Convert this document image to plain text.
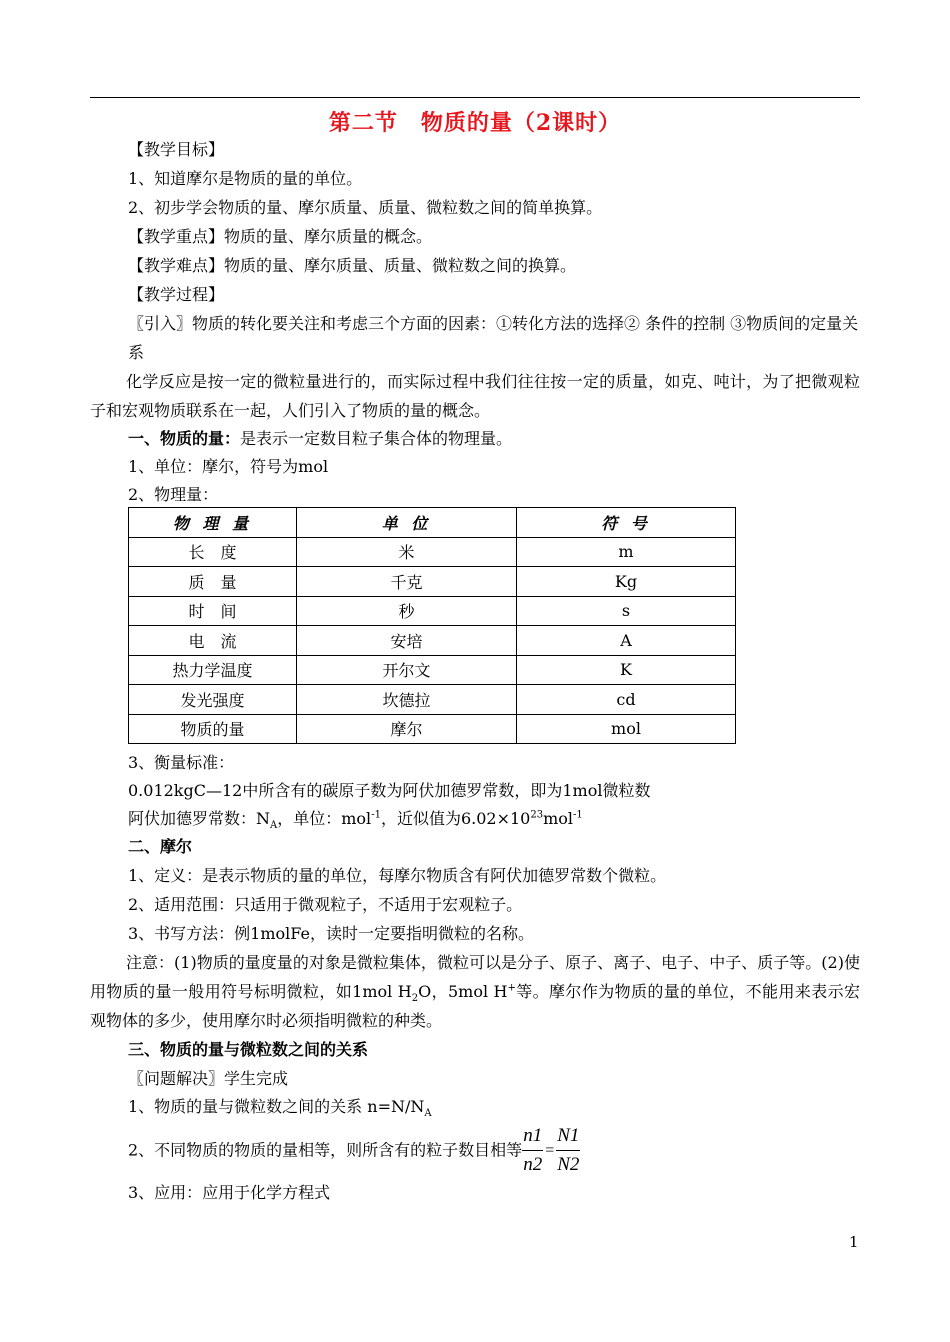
第二节　物质的量（2课时）
【教学目标】
1、知道摩尔是物质的量的单位。
2、初步学会物质的量、摩尔质量、质量、微粒数之间的简单换算。
【教学重点】物质的量、摩尔质量的概念。
【教学难点】物质的量、摩尔质量、质量、微粒数之间的换算。
【教学过程】
〖引入〗物质的转化要关注和考虑三个方面的因素：①转化方法的选择② 条件的控制 ③物质间的定量关系
化学反应是按一定的微粒量进行的，而实际过程中我们往往按一定的质量，如克、吨计，为了把微观粒子和宏观物质联系在一起，人们引入了物质的量的概念。
一、物质的量：是表示一定数目粒子集合体的物理量。
1、单位：摩尔，符号为mol
2、物理量：
物 理 量	单 位	符 号
长　度	米	m
质　量	千克	Kg
时　间	秒	s
电　流	安培	A
热力学温度	开尔文	K
发光强度	坎德拉	cd
物质的量	摩尔	mol
3、衡量标准：
0.012kgC—12中所含有的碳原子数为阿伏加德罗常数，即为1mol微粒数
阿伏加德罗常数：$N_A$，单位：mol$^{-1}$，近似值为$6.02\times 10^{23}mol^{-1}$
二、摩尔
1、定义：是表示物质的量的单位，每摩尔物质含有阿伏加德罗常数个微粒。
2、适用范围：只适用于微观粒子，不适用于宏观粒子。
3、书写方法：例1molFe，读时一定要指明微粒的名称。
注意：(1)物质的量度量的对象是微粒集体，微粒可以是分子、原子、离子、电子、中子、质子等。(2)使用物质的量一般用符号标明微粒，如1mol $H_2O$，5mol H+等。摩尔作为物质的量的单位，不能用来表示宏观物体的多少，使用摩尔时必须指明微粒的种类。
三、物质的量与微粒数之间的关系
〖问题解决〗学生完成
1、物质的量与微粒数之间的关系 $n=N/N_A$
2、不同物质的物质的量相等，则所含有的粒子数目相等 $\frac{n1}{n2} = \frac{N1}{N2}$
3、应用：应用于化学方程式
1
